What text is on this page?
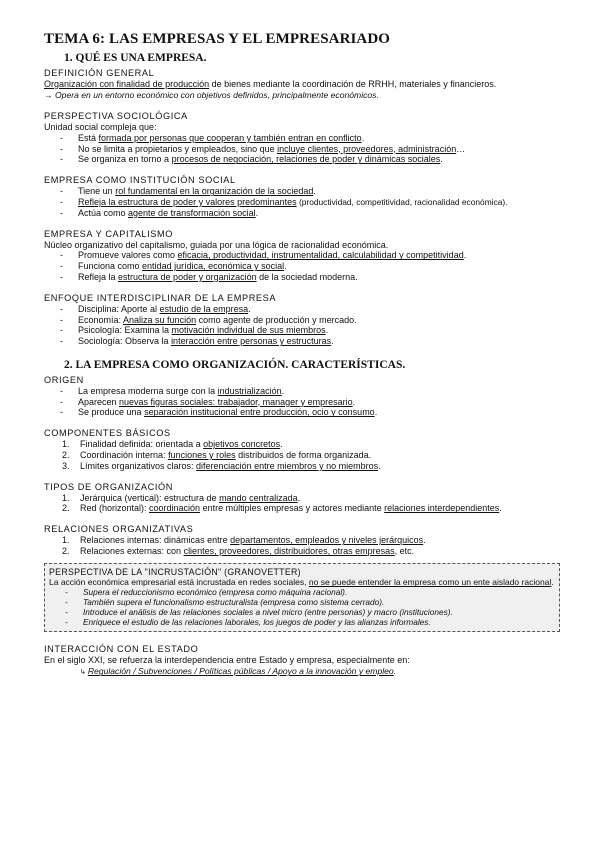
TEMA 6: LAS EMPRESAS Y EL EMPRESARIADO
1. QUÉ ES UNA EMPRESA.
DEFINICIÓN GENERAL
Organización con finalidad de producción de bienes mediante la coordinación de RRHH, materiales y financieros.
→ Opera en un entorno económico con objetivos definidos, principalmente económicos.
PERSPECTIVA SOCIOLÓGICA
Unidad social compleja que:
- Está formada por personas que cooperan y también entran en conflicto.
- No se limita a propietarios y empleados, sino que incluye clientes, proveedores, administración…
- Se organiza en torno a procesos de negociación, relaciones de poder y dinámicas sociales.
EMPRESA COMO INSTITUCIÓN SOCIAL
- Tiene un rol fundamental en la organización de la sociedad.
- Refleja la estructura de poder y valores predominantes (productividad, competitividad, racionalidad económica).
- Actúa como agente de transformación social.
EMPRESA Y CAPITALISMO
Núcleo organizativo del capitalismo, guiada por una lógica de racionalidad económica.
- Promueve valores como eficacia, productividad, instrumentalidad, calculabilidad y competitividad.
- Funciona como entidad jurídica, económica y social.
- Refleja la estructura de poder y organización de la sociedad moderna.
ENFOQUE INTERDISCIPLINAR DE LA EMPRESA
- Disciplina: Aporte al estudio de la empresa.
- Economía: Analiza su función como agente de producción y mercado.
- Psicología: Examina la motivación individual de sus miembros.
- Sociología: Observa la interacción entre personas y estructuras.
2. LA EMPRESA COMO ORGANIZACIÓN. CARACTERÍSTICAS.
ORIGEN
- La empresa moderna surge con la industrialización.
- Aparecen nuevas figuras sociales: trabajador, manager y empresario.
- Se produce una separación institucional entre producción, ocio y consumo.
COMPONENTES BÁSICOS
1. Finalidad definida: orientada a objetivos concretos.
2. Coordinación interna: funciones y roles distribuidos de forma organizada.
3. Límites organizativos claros: diferenciación entre miembros y no miembros.
TIPOS DE ORGANIZACIÓN
1. Jerárquica (vertical): estructura de mando centralizada.
2. Red (horizontal): coordinación entre múltiples empresas y actores mediante relaciones interdependientes.
RELACIONES ORGANIZATIVAS
1. Relaciones internas: dinámicas entre departamentos, empleados y niveles jerárquicos.
2. Relaciones externas: con clientes, proveedores, distribuidores, otras empresas, etc.
PERSPECTIVA DE LA "INCRUSTACIÓN" (GRANOVETTER)
La acción económica empresarial está incrustada en redes sociales, no se puede entender la empresa como un ente aislado racional.
- Supera el reduccionismo económico (empresa como máquina racional).
- También supera el funcionalismo estructuralista (empresa como sistema cerrado).
- Introduce el análisis de las relaciones sociales a nivel micro (entre personas) y macro (instituciones).
- Enriquece el estudio de las relaciones laborales, los juegos de poder y las alianzas informales.
INTERACCIÓN CON EL ESTADO
En el siglo XXI, se refuerza la interdependencia entre Estado y empresa, especialmente en:
↳ Regulación / Subvenciones / Políticas públicas / Apoyo a la innovación y empleo.
